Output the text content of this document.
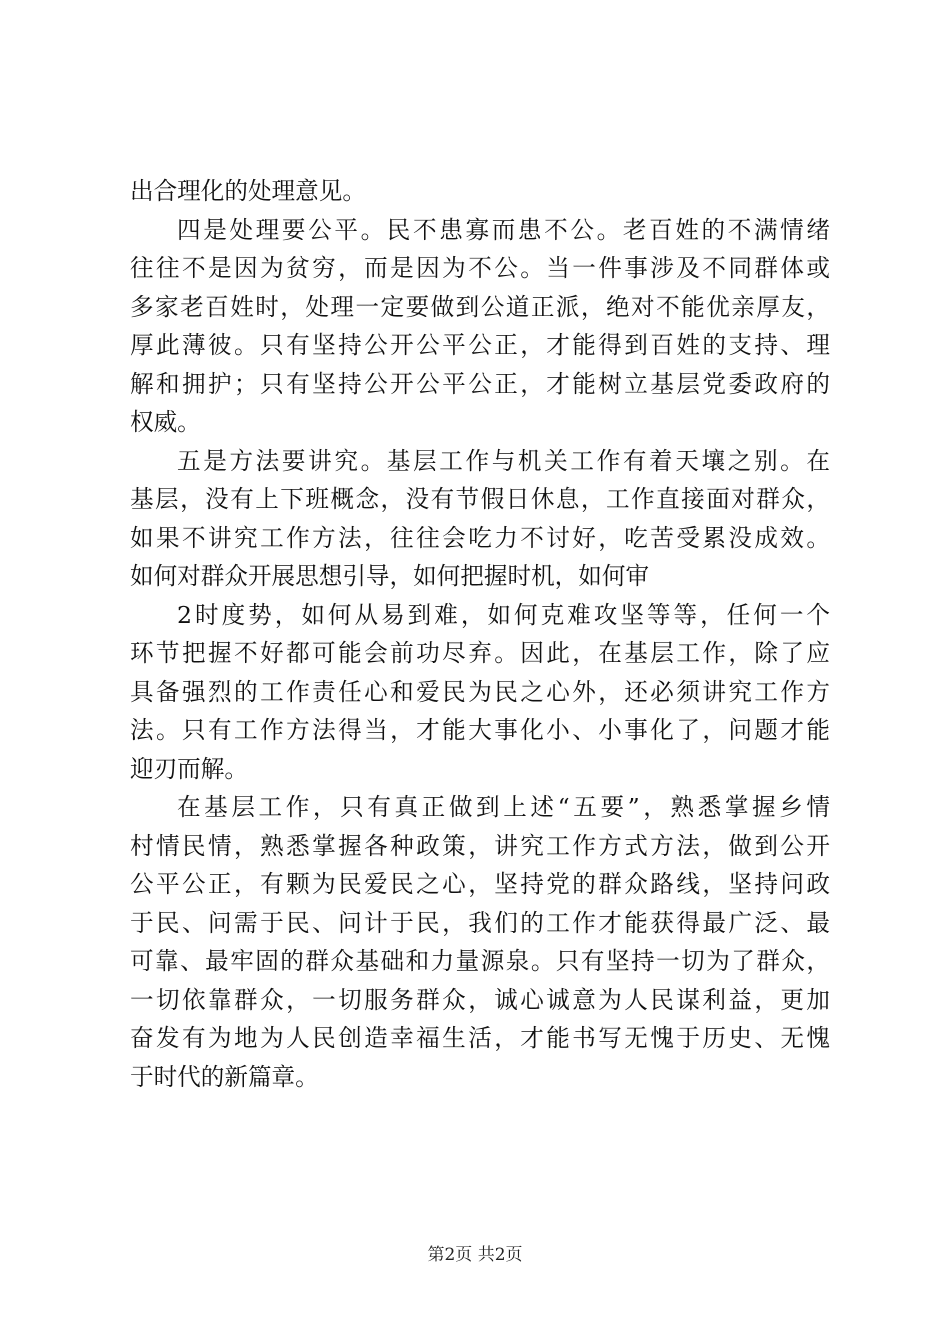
出合理化的处理意见。
四是处理要公平。民不患寡而患不公。老百姓的不满情绪
往往不是因为贫穷，而是因为不公。当一件事涉及不同群体或
多家老百姓时，处理一定要做到公道正派，绝对不能优亲厚友，
厚此薄彼。只有坚持公开公平公正，才能得到百姓的支持、理
解和拥护；只有坚持公开公平公正，才能树立基层党委政府的
权威。
五是方法要讲究。基层工作与机关工作有着天壤之别。在
基层，没有上下班概念，没有节假日休息，工作直接面对群众，
如果不讲究工作方法，往往会吃力不讨好，吃苦受累没成效。
如何对群众开展思想引导，如何把握时机，如何审
2时度势，如何从易到难，如何克难攻坚等等，任何一个
环节把握不好都可能会前功尽弃。因此，在基层工作，除了应
具备强烈的工作责任心和爱民为民之心外，还必须讲究工作方
法。只有工作方法得当，才能大事化小、小事化了，问题才能
迎刃而解。
在基层工作，只有真正做到上述“五要”，熟悉掌握乡情
村情民情，熟悉掌握各种政策，讲究工作方式方法，做到公开
公平公正，有颗为民爱民之心，坚持党的群众路线，坚持问政
于民、问需于民、问计于民，我们的工作才能获得最广泛、最
可靠、最牢固的群众基础和力量源泉。只有坚持一切为了群众，
一切依靠群众，一切服务群众，诚心诚意为人民谋利益，更加
奋发有为地为人民创造幸福生活，才能书写无愧于历史、无愧
于时代的新篇章。
第2页 共2页
